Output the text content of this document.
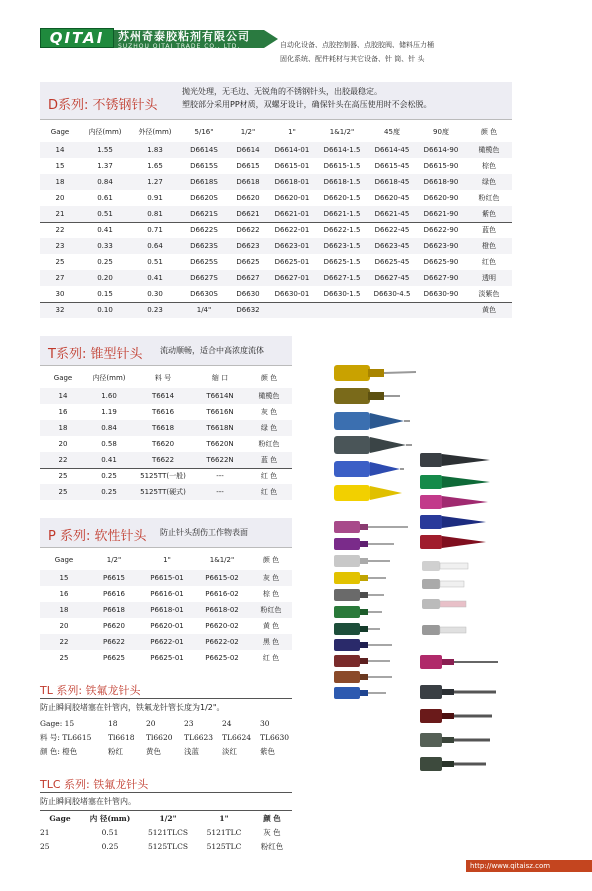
QITAI	苏州奇泰胶粘剂有限公司
SUZHOU QITAI TRADE CO., LTD.	自动化设备、点胶控制器、点胶胶阀、储料压力桶
固化系统、配件耗材与其它设备、针 筒、针 头
D系列: 不锈钢针头
抛光处理，无毛边、无锐角的不锈钢针头，出胶最稳定。
塑胶部分采用PP材质，双螺牙设计，确保针头在高压使用时不会松脱。
Gage	内径(mm)	外径(mm)	5/16"	1/2"	1"	1&1/2"	45度	90度	颜 色
14	1.55	1.83	D6614S	D6614	D6614-01	D6614-1.5	D6614-45	D6614-90	橄榄色
15	1.37	1.65	D6615S	D6615	D6615-01	D6615-1.5	D6615-45	D6615-90	棕色
18	0.84	1.27	D6618S	D6618	D6618-01	D6618-1.5	D6618-45	D6618-90	绿色
20	0.61	0.91	D6620S	D6620	D6620-01	D6620-1.5	D6620-45	D6620-90	粉红色
21	0.51	0.81	D6621S	D6621	D6621-01	D6621-1.5	D6621-45	D6621-90	紫色
22	0.41	0.71	D6622S	D6622	D6622-01	D6622-1.5	D6622-45	D6622-90	蓝色
23	0.33	0.64	D6623S	D6623	D6623-01	D6623-1.5	D6623-45	D6623-90	橙色
25	0.25	0.51	D6625S	D6625	D6625-01	D6625-1.5	D6625-45	D6625-90	红色
27	0.20	0.41	D6627S	D6627	D6627-01	D6627-1.5	D6627-45	D6627-90	透明
30	0.15	0.30	D6630S	D6630	D6630-01	D6630-1.5	D6630-4.5	D6630-90	淡紫色
32	0.10	0.23	1/4"	D6632					黄色
T系列: 锥型针头 流动顺畅，适合中高浓度流体
Gage	内径(mm)	料 号	缩 口	颜 色
14	1.60	T6614	T6614N	橄榄色
16	1.19	T6616	T6616N	灰 色
18	0.84	T6618	T6618N	绿 色
20	0.58	T6620	T6620N	粉红色
22	0.41	T6622	T6622N	蓝 色
25	0.25	5125TT(一般)	---	红 色
25	0.25	5125TT(硬式)	---	红 色
P 系列: 软性针头 防止针头刮伤工作物表面
Gage	1/2"	1"	1&1/2"	颜 色
15	P6615	P6615-01	P6615-02	灰 色
16	P6616	P6616-01	P6616-02	棕 色
18	P6618	P6618-01	P6618-02	粉红色
20	P6620	P6620-01	P6620-02	黄 色
22	P6622	P6622-01	P6622-02	黑 色
25	P6625	P6625-01	P6625-02	红 色
TL 系列: 铁氟龙针头
防止瞬间胶堵塞在针管内，铁氟龙针管长度为1/2"。
Gage: 15	18	20	23	24	30
料 号: TL6615	Tl6618	Tl6620	TL6623	TL6624	TL6630
颜 色: 橙色	粉红	黄色	浅蓝	淡红	紫色
TLC 系列: 铁氟龙针头
防止瞬间胶堵塞在针管内。
Gage	内 径(mm)	1/2"	1"	颜 色
21	0.51	5121TLCS	5121TLC	灰 色
25	0.25	5125TLCS	5125TLC	粉红色
http://www.qitaisz.com
